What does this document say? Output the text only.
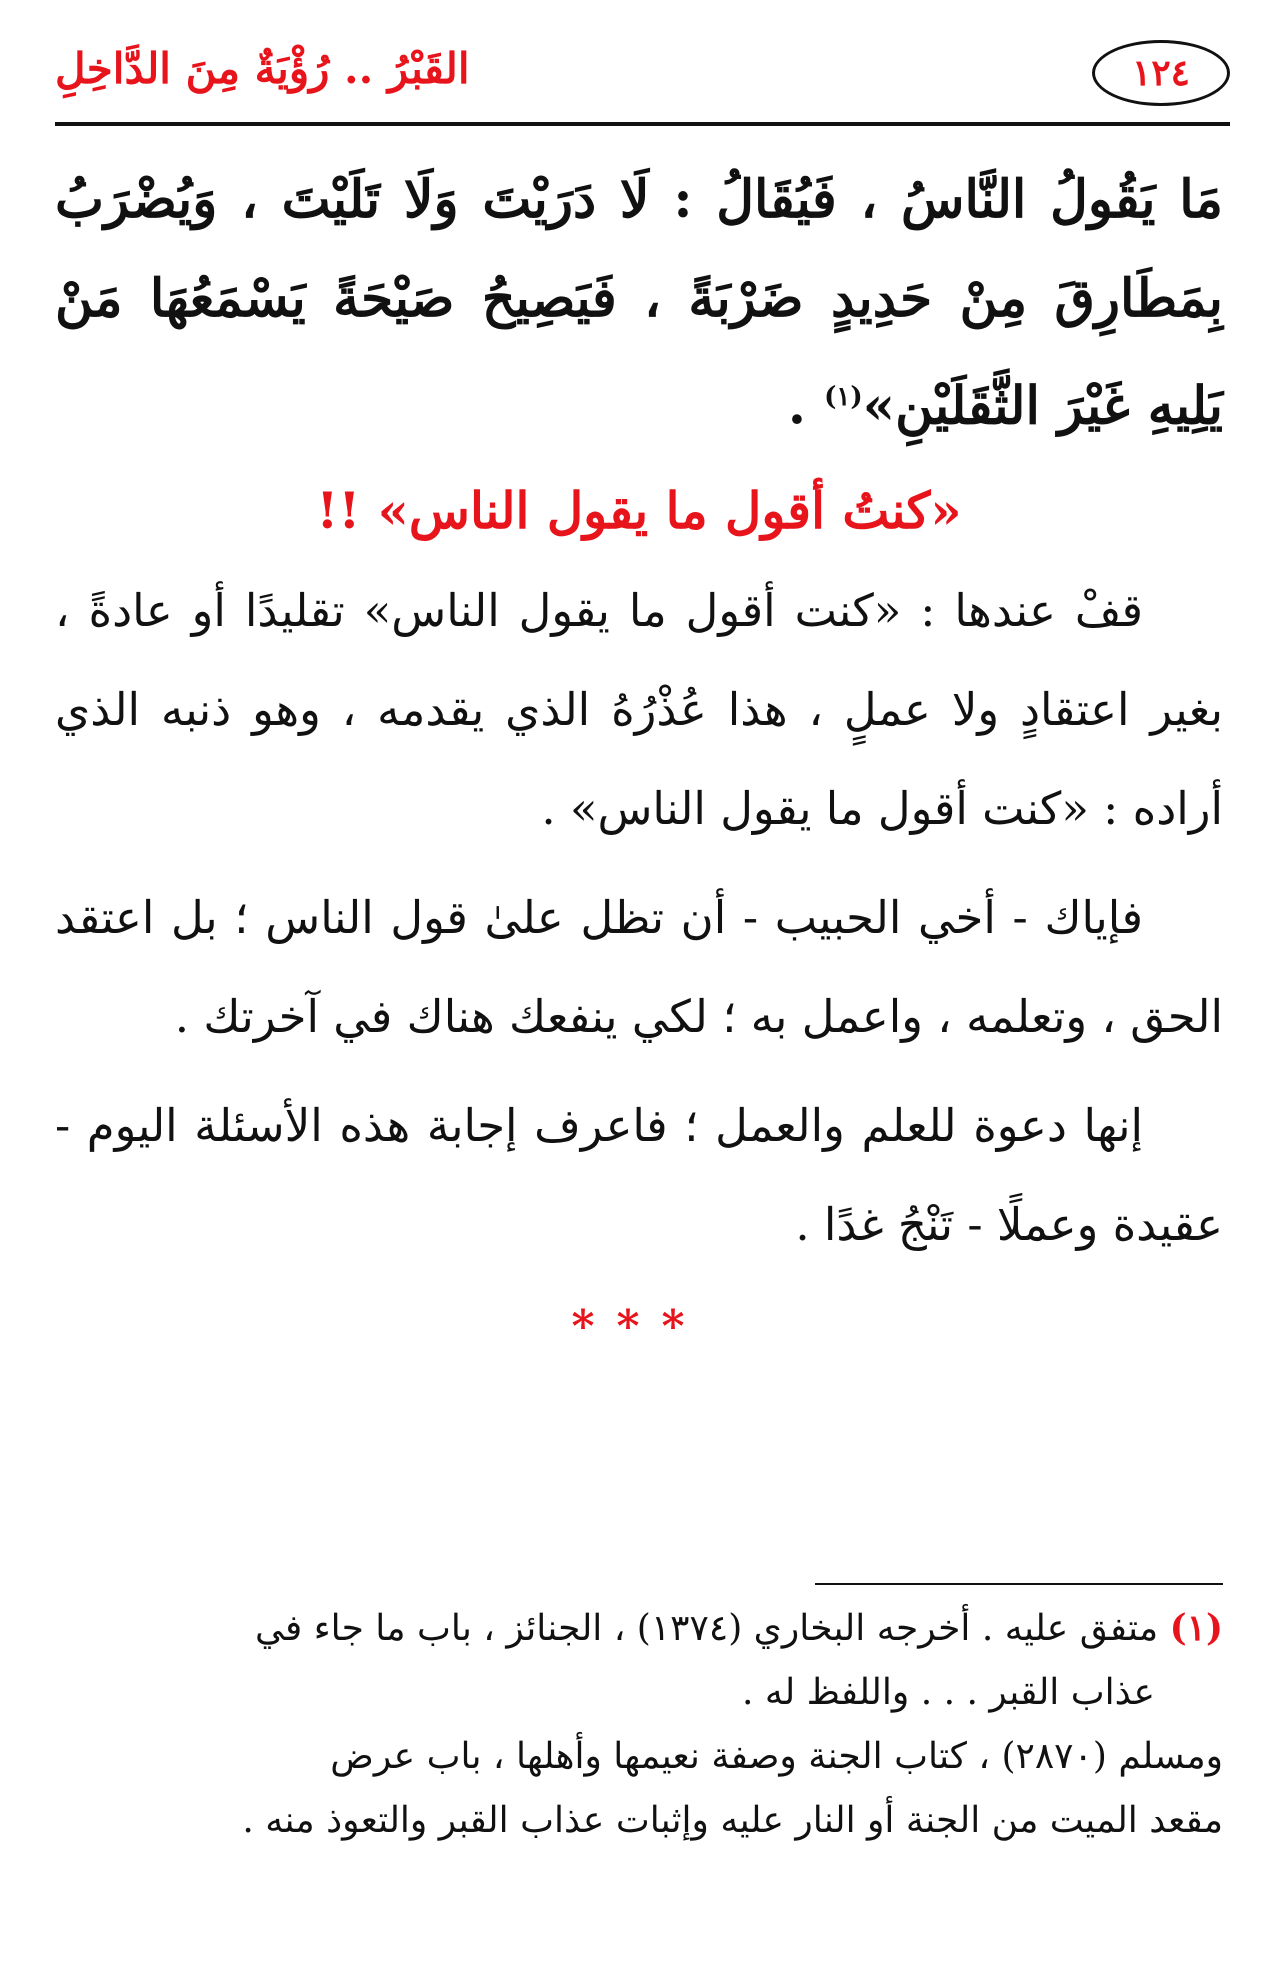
١٢٤
القَبْرُ .. رُؤْيَةٌ مِنَ الدَّاخِلِ

مَا يَقُولُ النَّاسُ ، فَيُقَالُ : لَا دَرَيْتَ وَلَا تَلَيْتَ ، وَيُضْرَبُ بِمَطَارِقَ مِنْ حَدِيدٍ ضَرْبَةً ، فَيَصِيحُ صَيْحَةً يَسْمَعُهَا مَنْ يَلِيهِ غَيْرَ الثَّقَلَيْنِ»$^{(١)}$ .

«كنتُ أقول ما يقول الناس» !!

قفْ عندها : «كنت أقول ما يقول الناس» تقليدًا أو عادةً ، بغير اعتقادٍ ولا عملٍ ، هذا عُذْرُهُ الذي يقدمه ، وهو ذنبه الذي أراده : «كنت أقول ما يقول الناس» .

فإياك - أخي الحبيب - أن تظل علىٰ قول الناس ؛ بل اعتقد الحق ، وتعلمه ، واعمل به ؛ لكي ينفعك هناك في آخرتك .

إنها دعوة للعلم والعمل ؛ فاعرف إجابة هذه الأسئلة اليوم - عقيدة وعملًا - تَنْجُ غدًا .

***

(١) متفق عليه . أخرجه البخاري (١٣٧٤) ، الجنائز ، باب ما جاء في

عذاب القبر . . . واللفظ له .

ومسلم (٢٨٧٠) ، كتاب الجنة وصفة نعيمها وأهلها ، باب عرض

مقعد الميت من الجنة أو النار عليه وإثبات عذاب القبر والتعوذ منه .
